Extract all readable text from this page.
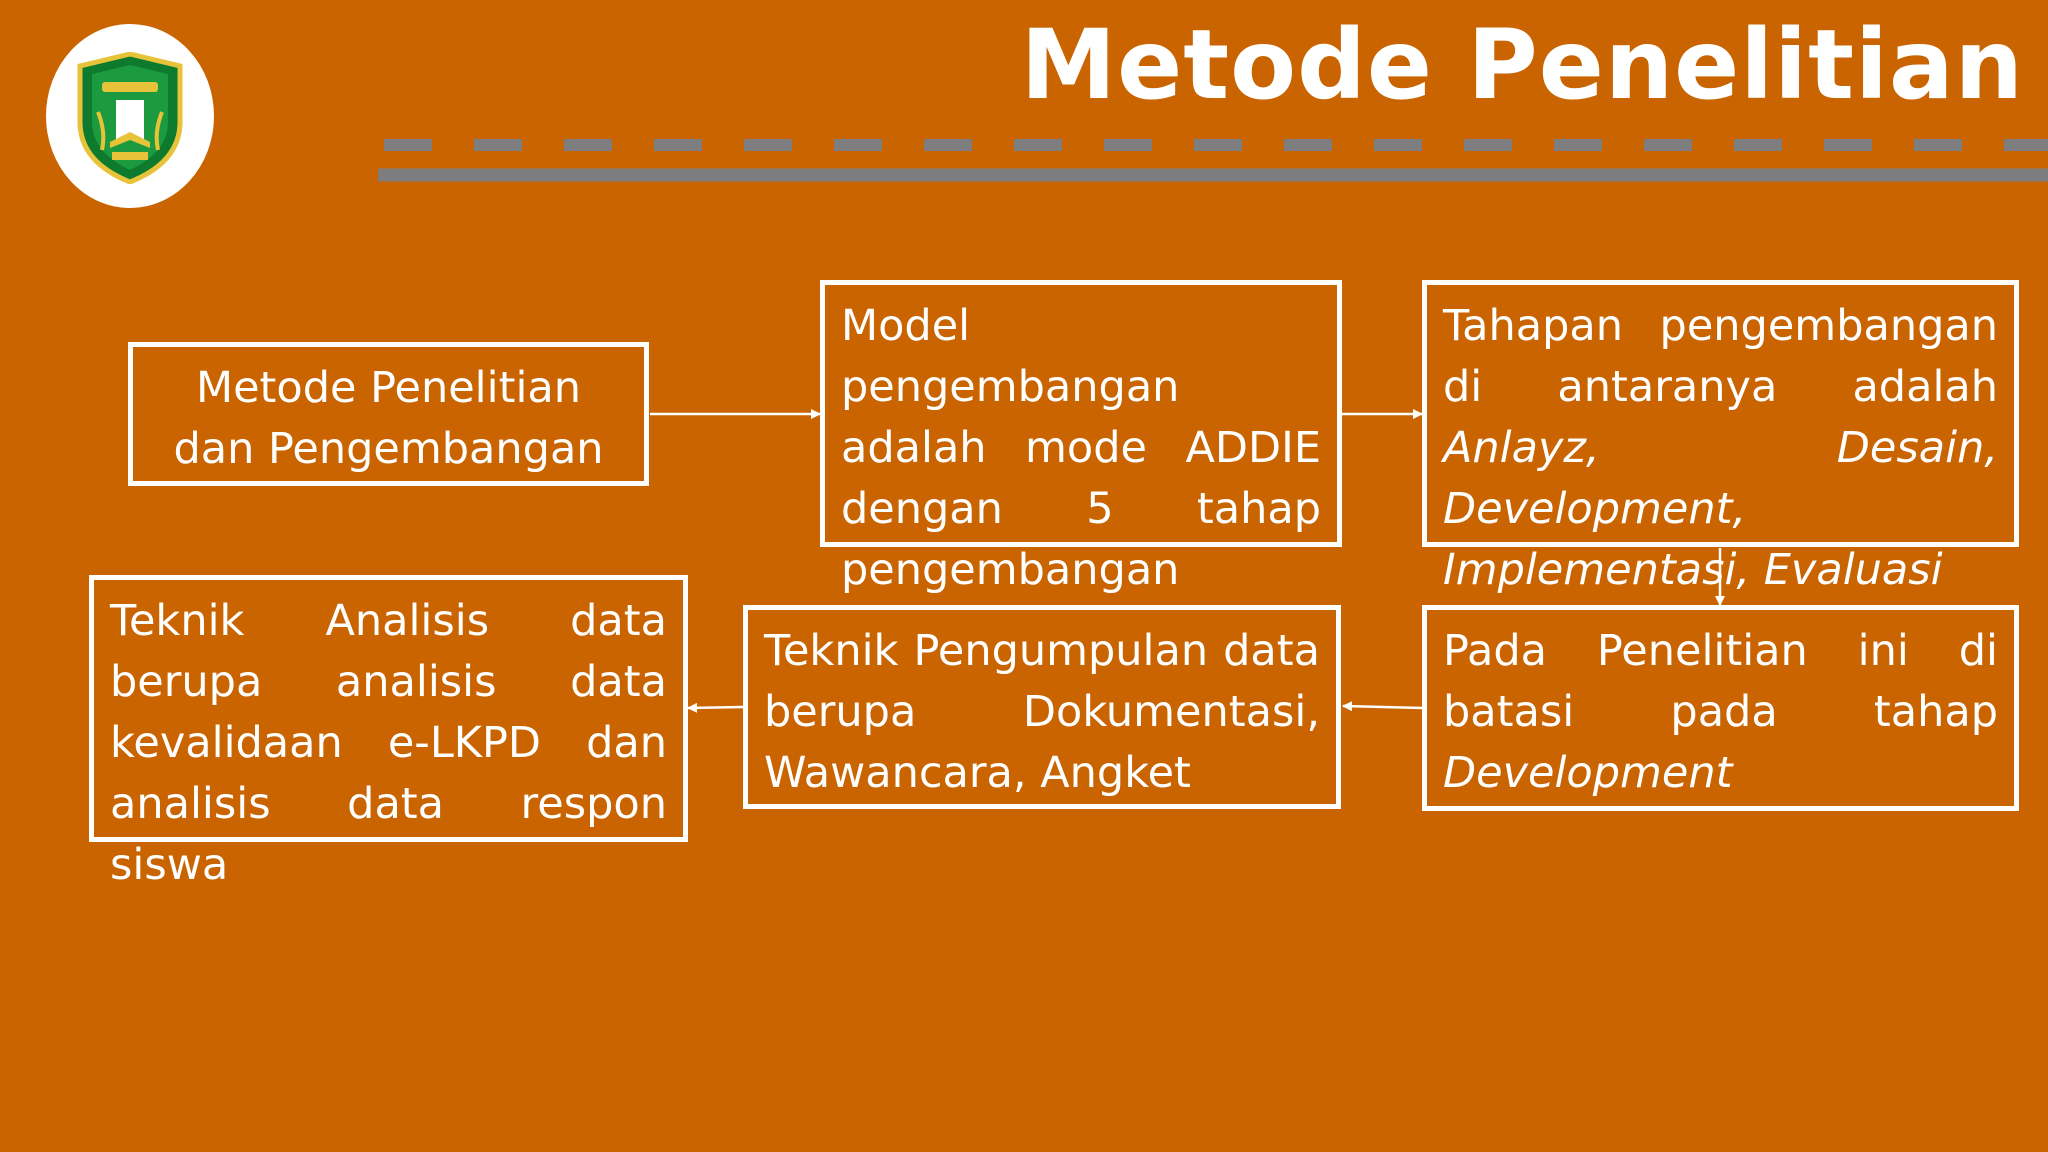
Metode Penelitian
Metode Penelitian dan Pengembangan
Model pengembangan adalah mode ADDIE dengan 5 tahap pengembangan
Tahapan pengembangan di antaranya adalah Anlayz, Desain, Development, Implementasi, Evaluasi
Pada Penelitian ini di batasi pada tahap Development
Teknik Pengumpulan data berupa Dokumentasi, Wawancara, Angket
Teknik Analisis data berupa analisis data kevalidaan e-LKPD dan analisis data respon siswa
